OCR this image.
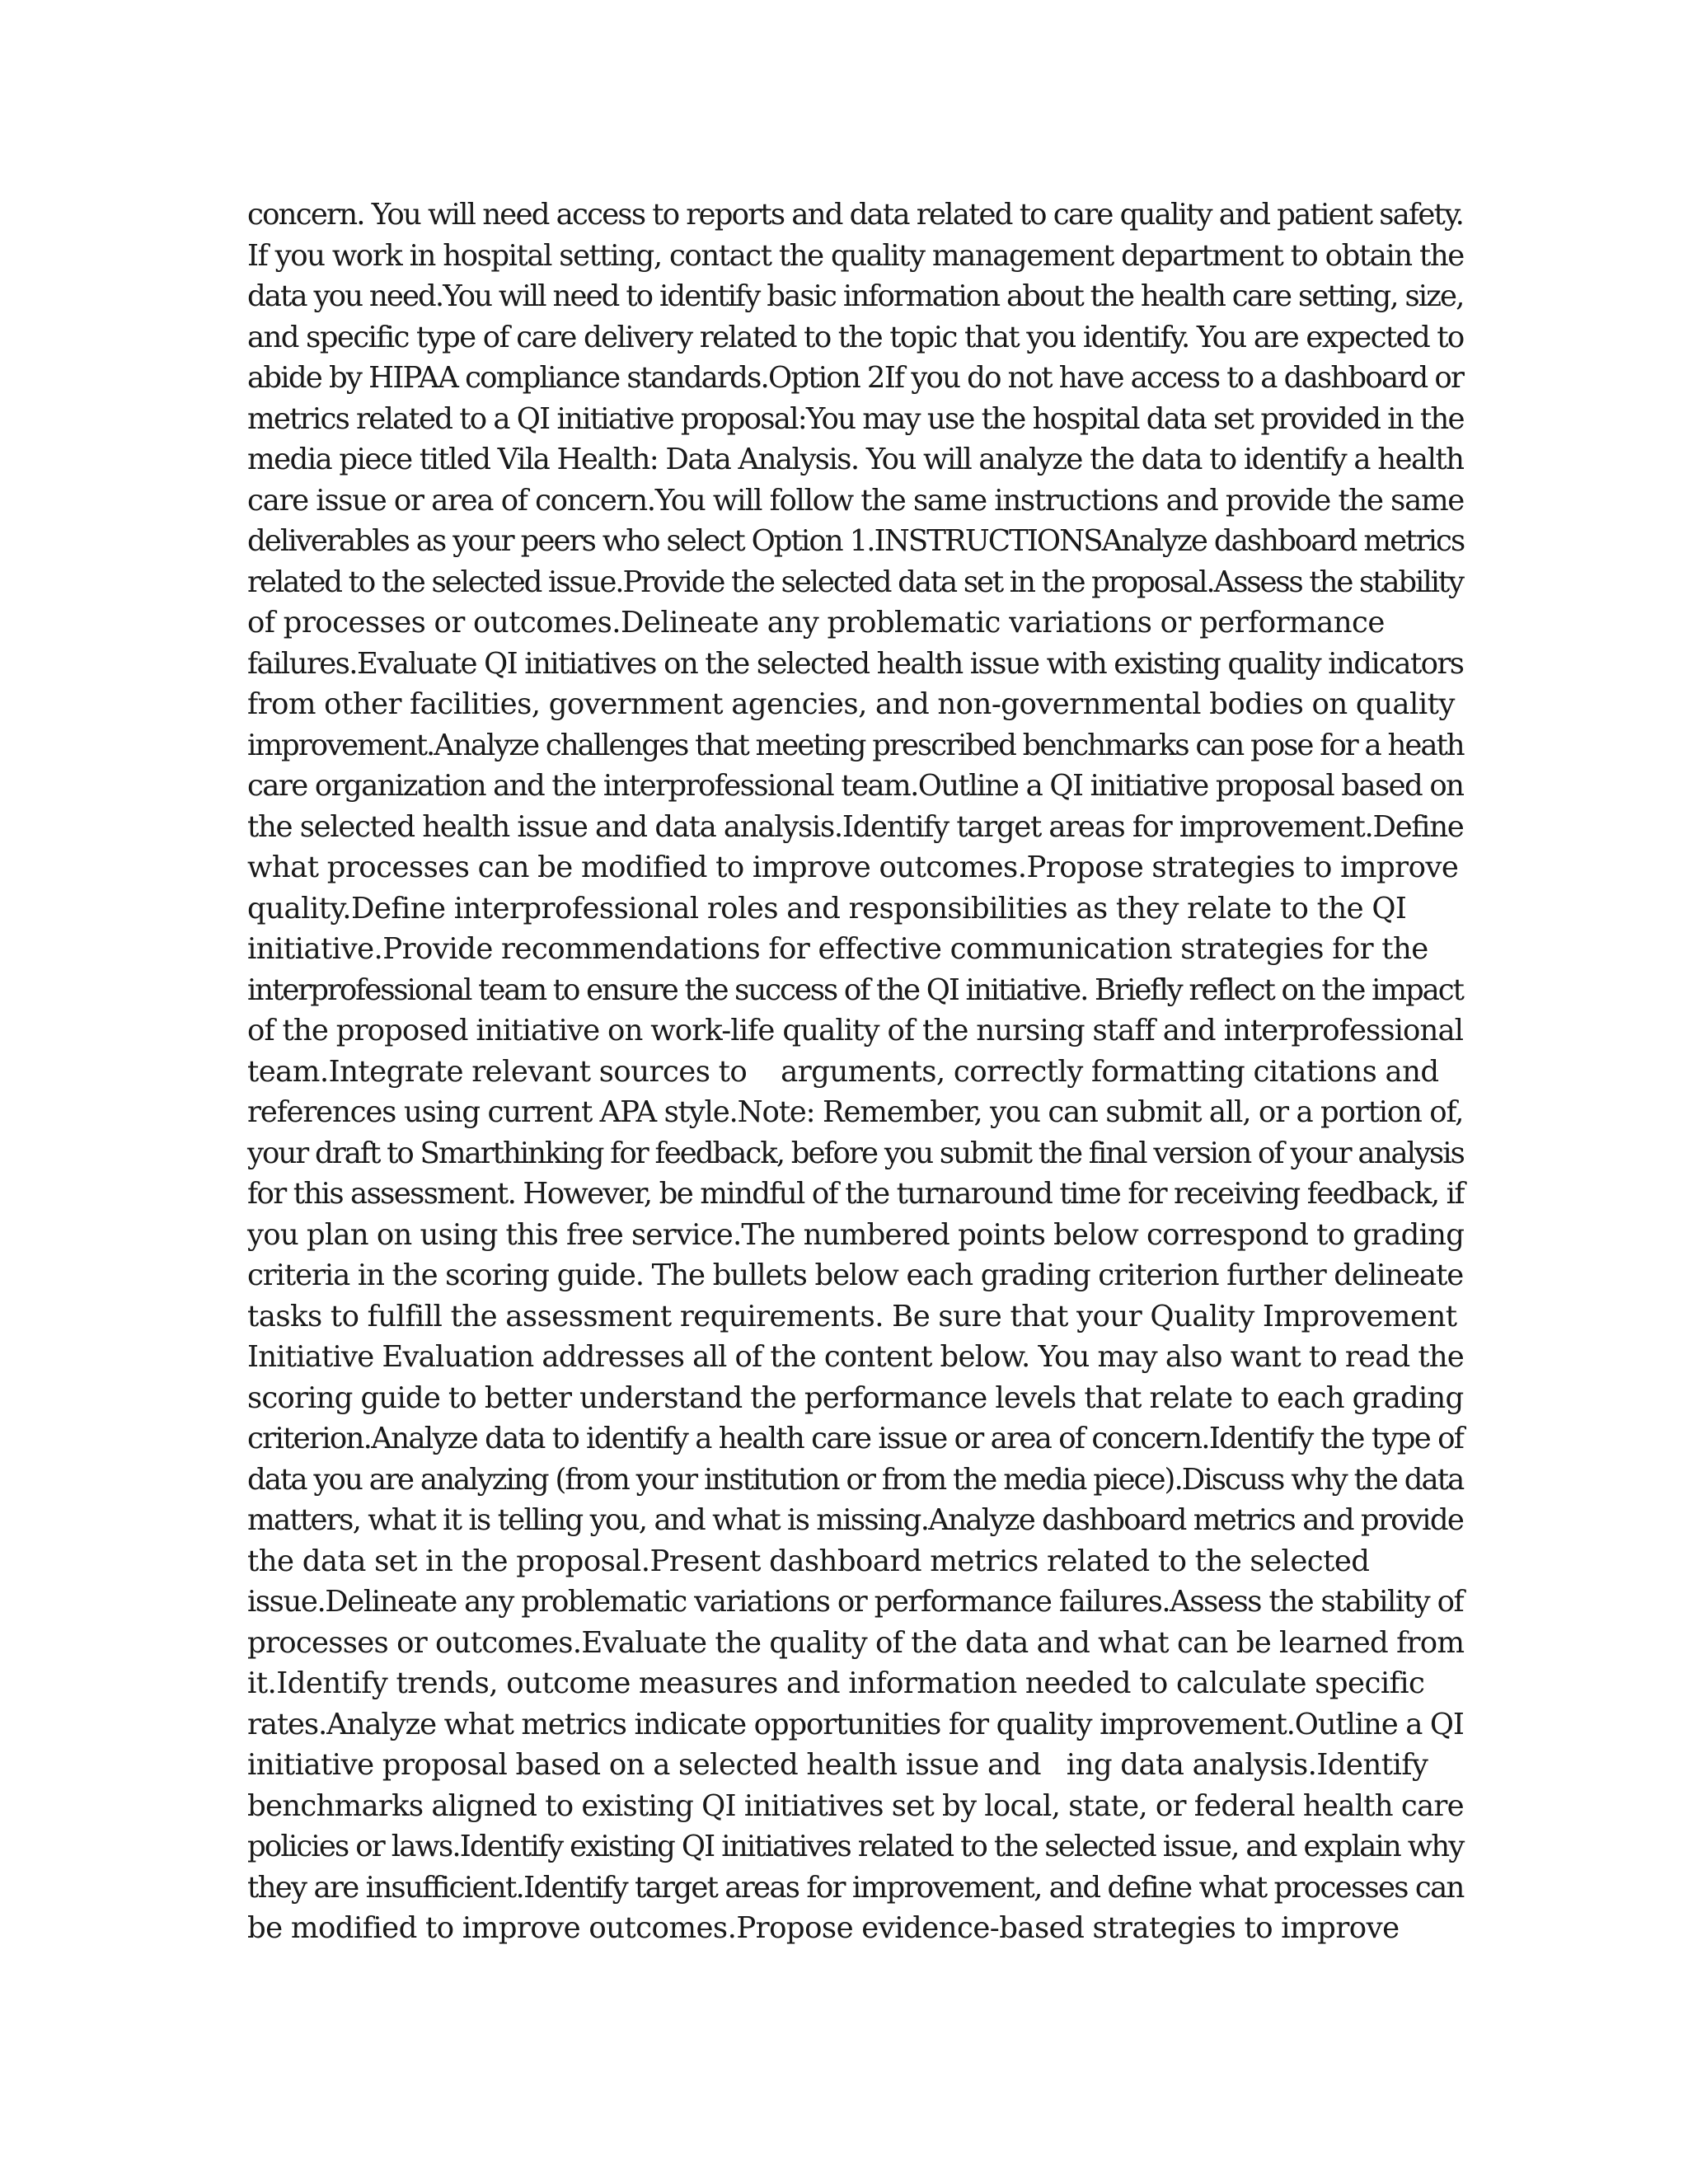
concern. You will need access to reports and data related to care quality and patient safety.
If you work in hospital setting, contact the quality management department to obtain the
data you need.You will need to identify basic information about the health care setting, size,
and specific type of care delivery related to the topic that you identify. You are expected to
abide by HIPAA compliance standards.Option 2If you do not have access to a dashboard or
metrics related to a QI initiative proposal:You may use the hospital data set provided in the
media piece titled Vila Health: Data Analysis. You will analyze the data to identify a health
care issue or area of concern.You will follow the same instructions and provide the same
deliverables as your peers who select Option 1.INSTRUCTIONSAnalyze dashboard metrics
related to the selected issue.Provide the selected data set in the proposal.Assess the stability
of processes or outcomes.Delineate any problematic variations or performance
failures.Evaluate QI initiatives on the selected health issue with existing quality indicators
from other facilities, government agencies, and non-governmental bodies on quality
improvement.Analyze challenges that meeting prescribed benchmarks can pose for a heath
care organization and the interprofessional team.Outline a QI initiative proposal based on
the selected health issue and data analysis.Identify target areas for improvement.Define
what processes can be modified to improve outcomes.Propose strategies to improve
quality.Define interprofessional roles and responsibilities as they relate to the QI
initiative.Provide recommendations for effective communication strategies for the
interprofessional team to ensure the success of the QI initiative. Briefly reflect on the impact
of the proposed initiative on work-life quality of the nursing staff and interprofessional
team.Integrate relevant sources to    arguments, correctly formatting citations and
references using current APA style.Note: Remember, you can submit all, or a portion of,
your draft to Smarthinking for feedback, before you submit the final version of your analysis
for this assessment. However, be mindful of the turnaround time for receiving feedback, if
you plan on using this free service.The numbered points below correspond to grading
criteria in the scoring guide. The bullets below each grading criterion further delineate
tasks to fulfill the assessment requirements. Be sure that your Quality Improvement
Initiative Evaluation addresses all of the content below. You may also want to read the
scoring guide to better understand the performance levels that relate to each grading
criterion.Analyze data to identify a health care issue or area of concern.Identify the type of
data you are analyzing (from your institution or from the media piece).Discuss why the data
matters, what it is telling you, and what is missing.Analyze dashboard metrics and provide
the data set in the proposal.Present dashboard metrics related to the selected
issue.Delineate any problematic variations or performance failures.Assess the stability of
processes or outcomes.Evaluate the quality of the data and what can be learned from
it.Identify trends, outcome measures and information needed to calculate specific
rates.Analyze what metrics indicate opportunities for quality improvement.Outline a QI
initiative proposal based on a selected health issue and   ing data analysis.Identify
benchmarks aligned to existing QI initiatives set by local, state, or federal health care
policies or laws.Identify existing QI initiatives related to the selected issue, and explain why
they are insufficient.Identify target areas for improvement, and define what processes can
be modified to improve outcomes.Propose evidence-based strategies to improve
